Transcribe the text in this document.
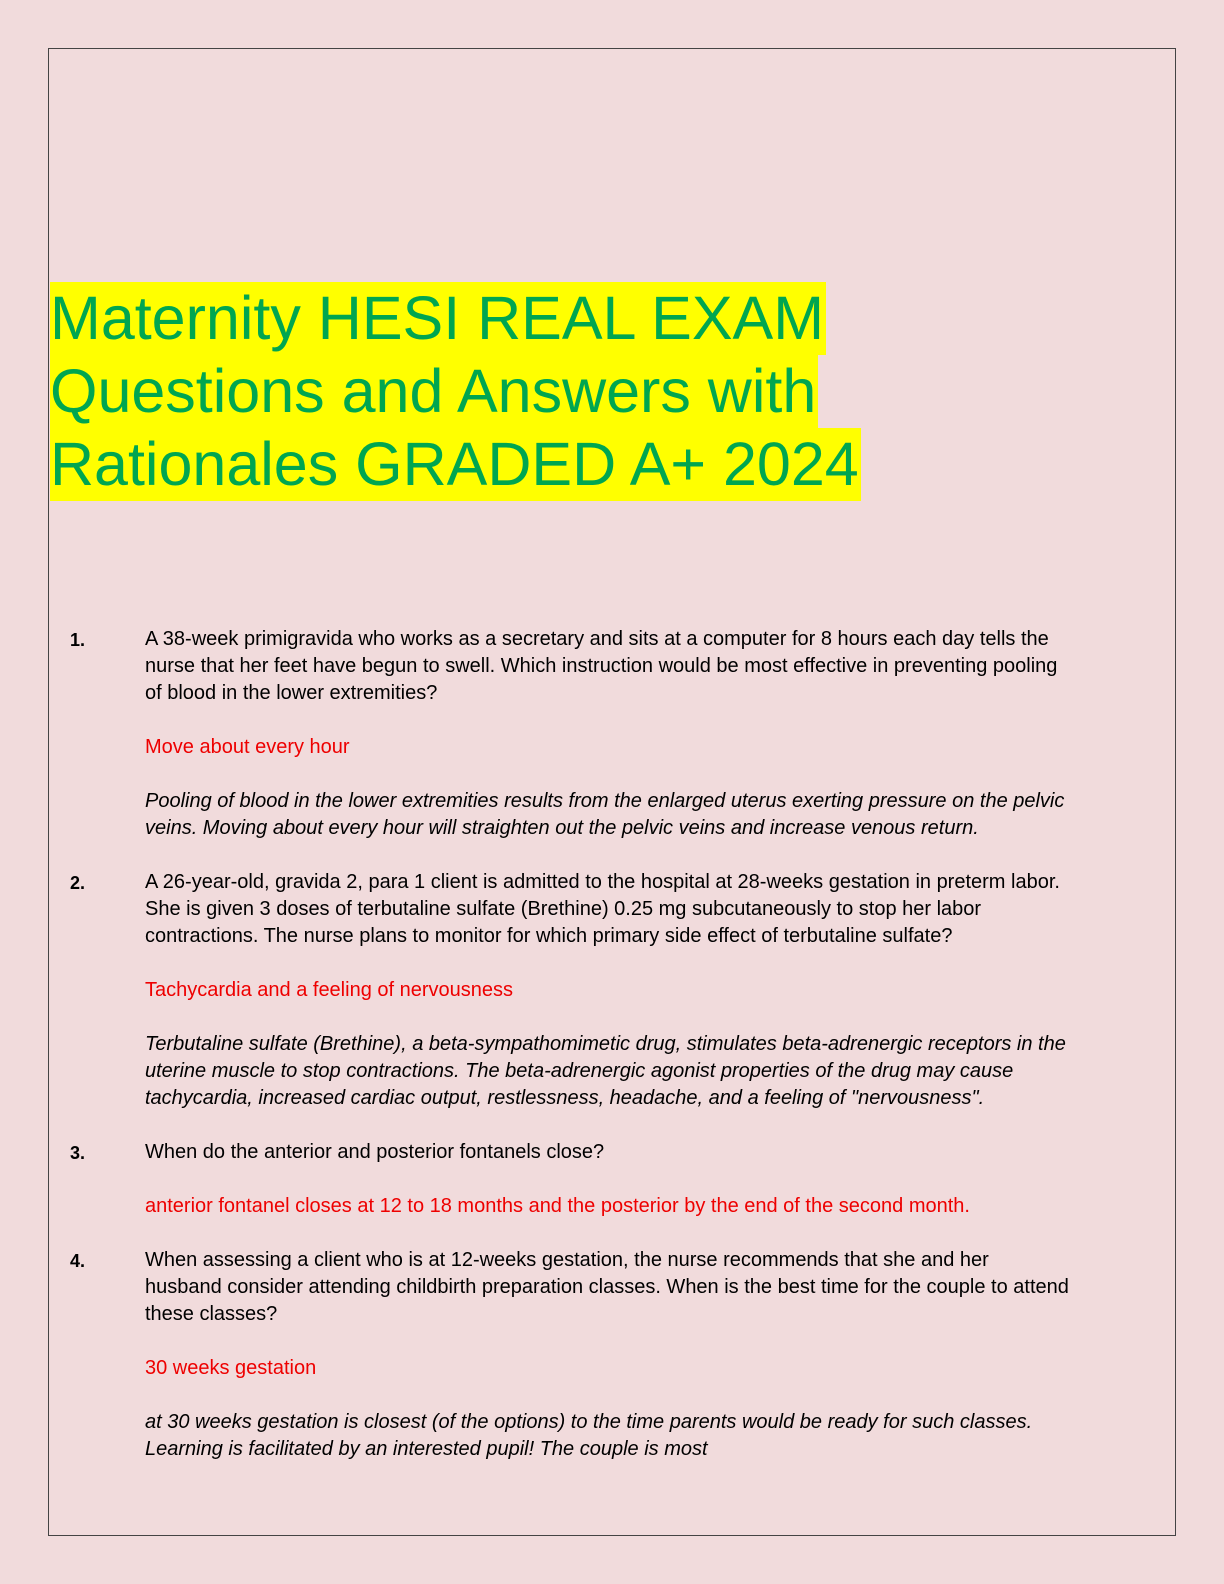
Maternity HESI REAL EXAM
Questions and Answers with
Rationales GRADED A+ 2024
1.	A 38-week primigravida who works as a secretary and sits at a computer for 8 hours each day tells the nurse that her feet have begun to swell. Which instruction would be most effective in preventing pooling of blood in the lower extremities?

Move about every hour

Pooling of blood in the lower extremities results from the enlarged uterus exerting pressure on the pelvic veins. Moving about every hour will straighten out the pelvic veins and increase venous return.

2.	A 26-year-old, gravida 2, para 1 client is admitted to the hospital at 28-weeks gestation in preterm labor. She is given 3 doses of terbutaline sulfate (Brethine) 0.25 mg subcutaneously to stop her labor contractions. The nurse plans to monitor for which primary side effect of terbutaline sulfate?

Tachycardia and a feeling of nervousness

Terbutaline sulfate (Brethine), a beta-sympathomimetic drug, stimulates beta-adrenergic receptors in the uterine muscle to stop contractions. The beta-adrenergic agonist properties of the drug may cause tachycardia, increased cardiac output, restlessness, headache, and a feeling of "nervousness".

3.	When do the anterior and posterior fontanels close?

anterior fontanel closes at 12 to 18 months and the posterior by the end of the second month.

4.	When assessing a client who is at 12-weeks gestation, the nurse recommends that she and her husband consider attending childbirth preparation classes. When is the best time for the couple to attend these classes?

30 weeks gestation

at 30 weeks gestation is closest (of the options) to the time parents would be ready for such classes. Learning is facilitated by an interested pupil! The couple is most
